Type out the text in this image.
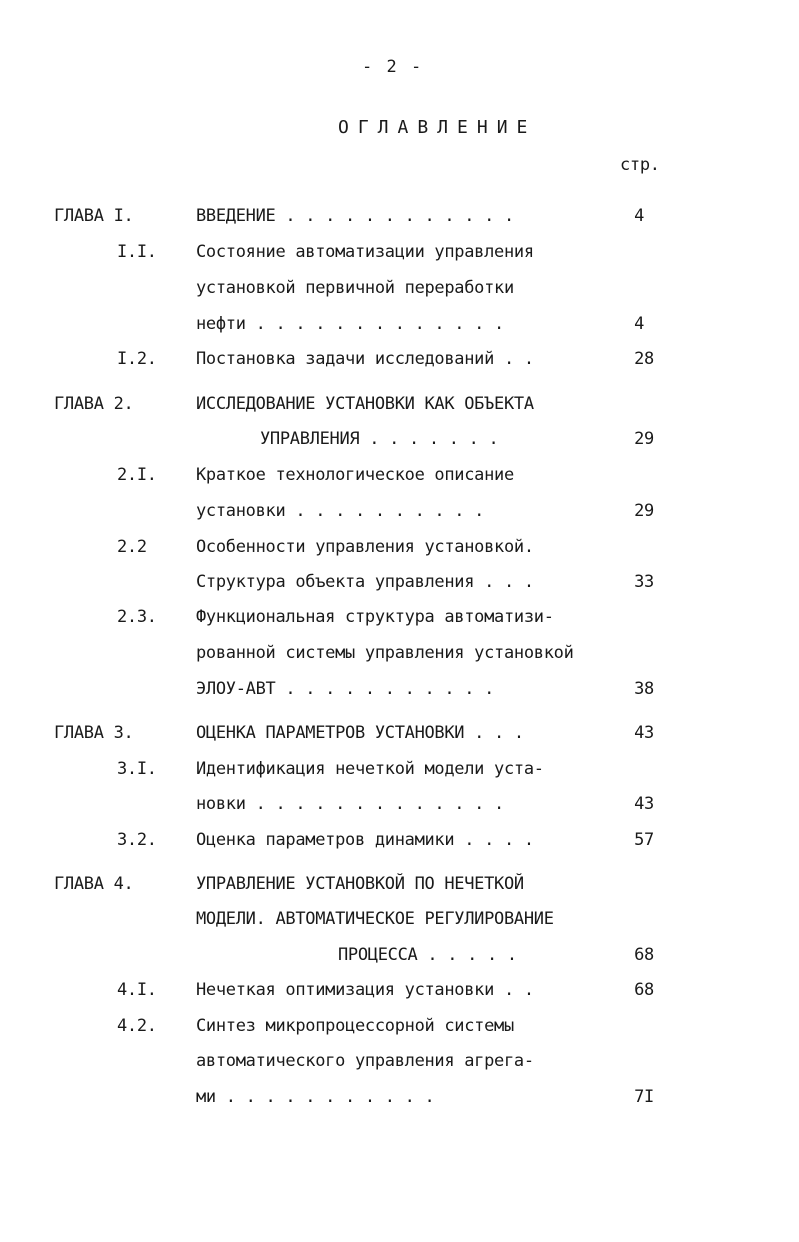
- 2 -
ОГЛАВЛЕНИЕ
стр.
ГЛАВА I.	ВВЕДЕНИЕ . . . . . . . . . . . .	4
I.I. Состояние автоматизации управления
установкой первичной переработки
нефти . . . . . . . . . . . . .	4
I.2. Постановка задачи исследований . .	28
ГЛАВА 2.	ИССЛЕДОВАНИЕ УСТАНОВКИ КАК ОБЪЕКТА
УПРАВЛЕНИЯ . . . . . . .	29
2.I. Краткое технологическое описание
установки . . . . . . . . . .	29
2.2	Особенности управления установкой.
Структура объекта управления . . .	33
2.3. Функциональная структура автоматизи-
рованной системы управления установкой
ЭЛОУ-АВТ . . . . . . . . . . .	38
ГЛАВА 3.	ОЦЕНКА ПАРАМЕТРОВ УСТАНОВКИ . . .	43
3.I. Идентификация нечеткой модели уста-
новки . . . . . . . . . . . . .	43
3.2. Оценка параметров динамики . . . .	57
ГЛАВА 4.	УПРАВЛЕНИЕ УСТАНОВКОЙ ПО НЕЧЕТКОЙ
МОДЕЛИ. АВТОМАТИЧЕСКОЕ РЕГУЛИРОВАНИЕ
ПРОЦЕССА . . . . .	68
4.I. Нечеткая оптимизация установки . .	68
4.2. Синтез микропроцессорной системы
автоматического управления агрега-
ми . . . . . . . . . . .	7I
